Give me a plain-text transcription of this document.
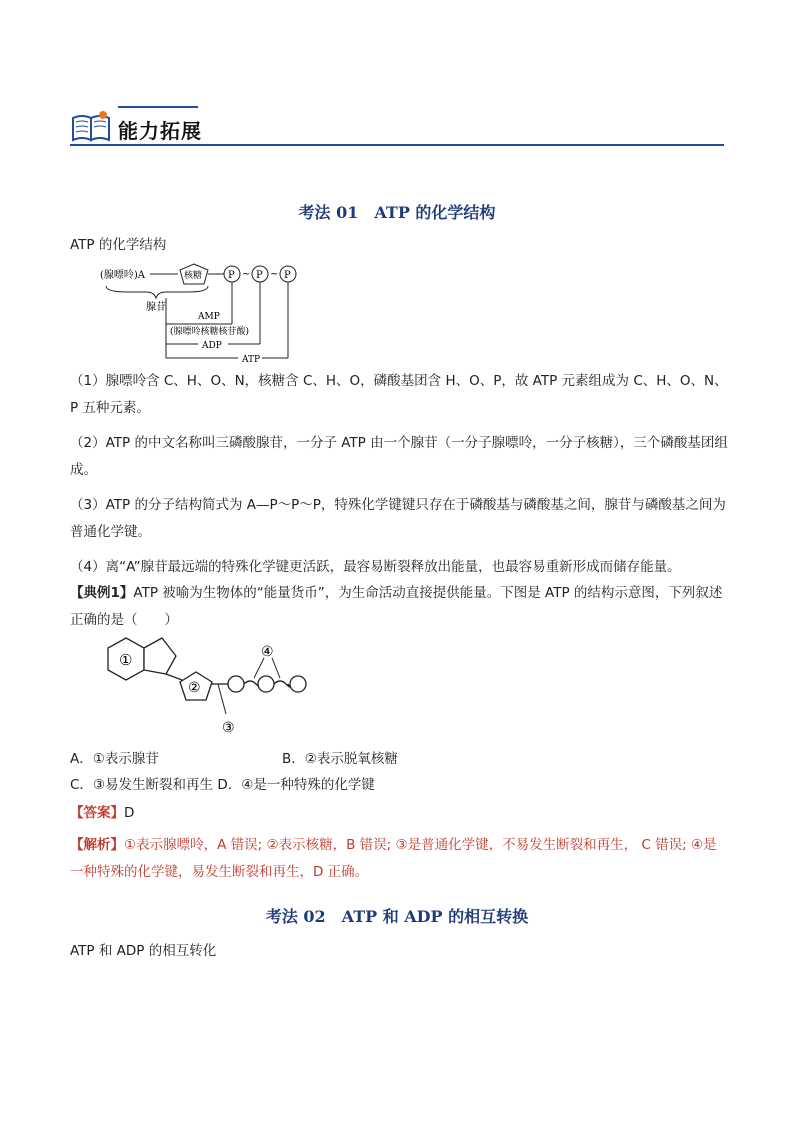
能力拓展
考法 01　ATP 的化学结构
ATP 的化学结构
(腺嘌呤)A	核糖	P ~ P ~ P
腺苷
AMP
(腺嘌呤核糖核苷酸)
ADP
ATP
（1）腺嘌呤含 C、H、O、N，核糖含 C、H、O，磷酸基团含 H、O、P，故 ATP 元素组成为 C、H、O、N、P 五种元素。
（2）ATP 的中文名称叫三磷酸腺苷，一分子 ATP 由一个腺苷（一分子腺嘌呤，一分子核糖），三个磷酸基团组成。
（3）ATP 的分子结构简式为 A—P～P～P，特殊化学键键只存在于磷酸基与磷酸基之间，腺苷与磷酸基之间为普通化学键。
（4）离“A”腺苷最远端的特殊化学键更活跃，最容易断裂释放出能量，也最容易重新形成而储存能量。
【典例1】ATP 被喻为生物体的“能量货币”，为生命活动直接提供能量。下图是 ATP 的结构示意图，下列叙述正确的是（　　）
①
②
③
④
A．①表示腺苷	B．②表示脱氧核糖
C．③易发生断裂和再生 D．④是一种特殊的化学键
【答案】D
【解析】①表示腺嘌呤，A 错误; ②表示核糖，B 错误; ③是普通化学键，不易发生断裂和再生， C 错误; ④是一种特殊的化学键，易发生断裂和再生，D 正确。
考法 02　ATP 和 ADP 的相互转换
ATP 和 ADP 的相互转化
